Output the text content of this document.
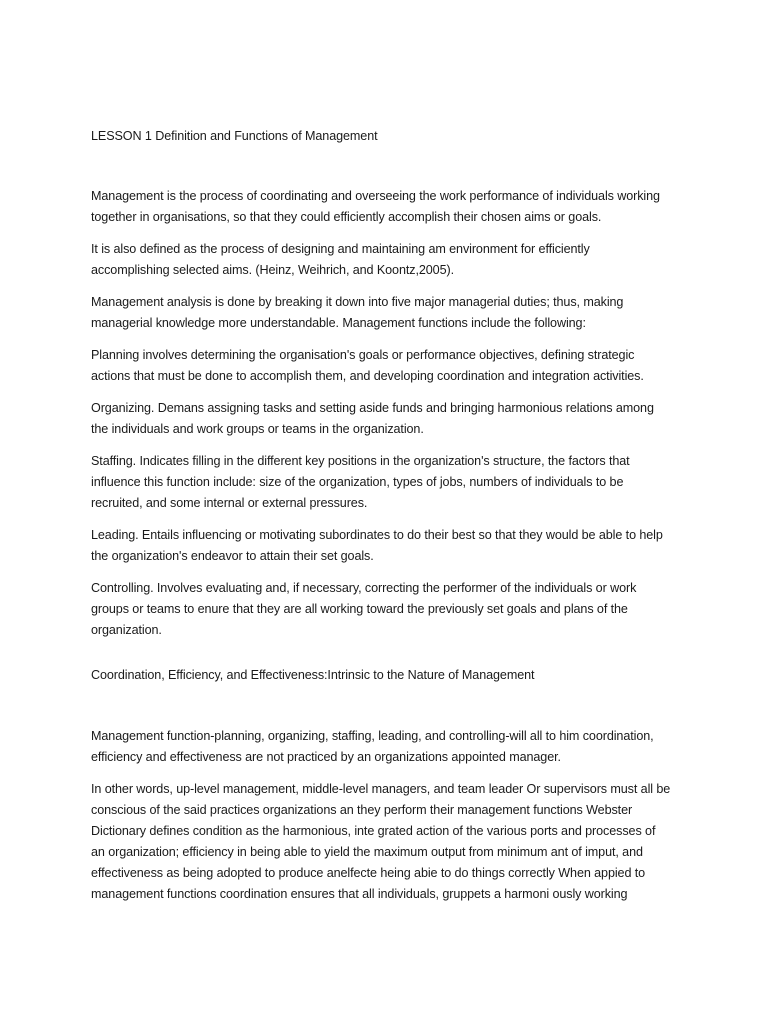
LESSON 1 Definition and Functions of Management

Management is the process of coordinating and overseeing the work performance of individuals working together in organisations, so that they could efficiently accomplish their chosen aims or goals.

It is also defined as the process of designing and maintaining am environment for efficiently accomplishing selected aims. (Heinz, Weihrich, and Koontz,2005).

Management analysis is done by breaking it down into five major managerial duties; thus, making managerial knowledge more understandable. Management functions include the following:

Planning involves determining the organisation's goals or performance objectives, defining strategic actions that must be done to accomplish them, and developing coordination and integration activities.

Organizing. Demans assigning tasks and setting aside funds and bringing harmonious relations among the individuals and work groups or teams in the organization.

Staffing. Indicates filling in the different key positions in the organization's structure, the factors that influence this function include: size of the organization, types of jobs, numbers of individuals to be recruited, and some internal or external pressures.

Leading. Entails influencing or motivating subordinates to do their best so that they would be able to help the organization's endeavor to attain their set goals.

Controlling. Involves evaluating and, if necessary, correcting the performer of the individuals or work groups or teams to enure that they are all working toward the previously set goals and plans of the organization.

Coordination, Efficiency, and Effectiveness:Intrinsic to the Nature of Management

Management function-planning, organizing, staffing, leading, and controlling-will all to him coordination, efficiency and effectiveness are not practiced by an organizations appointed manager.

In other words, up-level management, middle-level managers, and team leader Or supervisors must all be conscious of the said practices organizations an they perform their management functions Webster Dictionary defines condition as the harmonious, inte grated action of the various ports and processes of an organization; efficiency in being able to yield the maximum output from minimum ant of imput, and effectiveness as being adopted to produce anelfecte heing abie to do things correctly When appied to management functions coordination ensures that all individuals, gruppets a harmoni ously working
